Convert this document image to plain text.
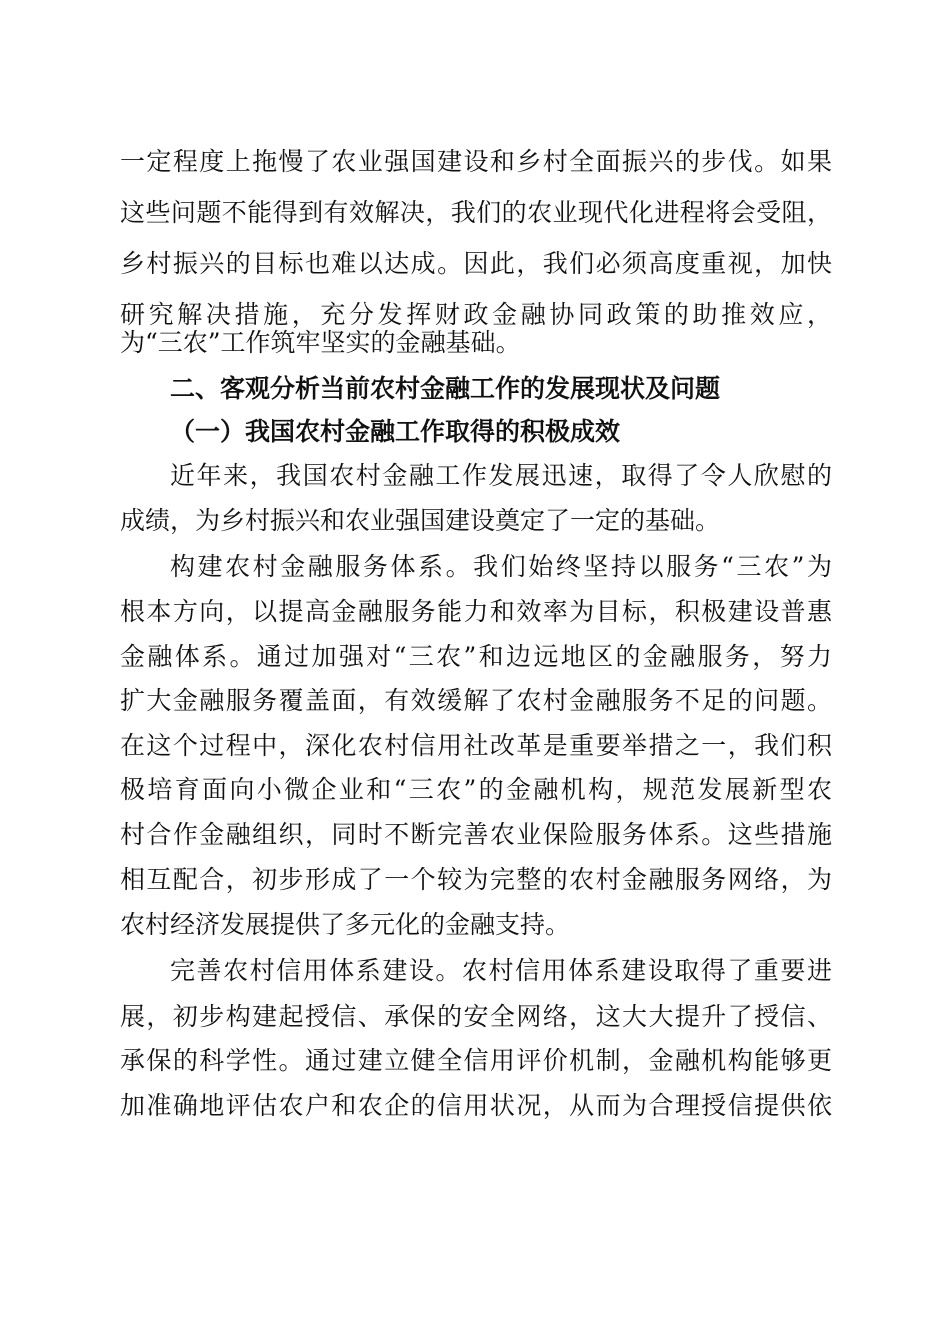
一定程度上拖慢了农业强国建设和乡村全面振兴的步伐。如果
这些问题不能得到有效解决，我们的农业现代化进程将会受阻，
乡村振兴的目标也难以达成。因此，我们必须高度重视，加快
研究解决措施，充分发挥财政金融协同政策的助推效应，
为“三农”工作筑牢坚实的金融基础。
二、客观分析当前农村金融工作的发展现状及问题
（一）我国农村金融工作取得的积极成效
近年来，我国农村金融工作发展迅速，取得了令人欣慰的
成绩，为乡村振兴和农业强国建设奠定了一定的基础。
构建农村金融服务体系。我们始终坚持以服务“三农”为
根本方向，以提高金融服务能力和效率为目标，积极建设普惠
金融体系。通过加强对“三农”和边远地区的金融服务，努力
扩大金融服务覆盖面，有效缓解了农村金融服务不足的问题。
在这个过程中，深化农村信用社改革是重要举措之一，我们积
极培育面向小微企业和“三农”的金融机构，规范发展新型农
村合作金融组织，同时不断完善农业保险服务体系。这些措施
相互配合，初步形成了一个较为完整的农村金融服务网络，为
农村经济发展提供了多元化的金融支持。
完善农村信用体系建设。农村信用体系建设取得了重要进
展，初步构建起授信、承保的安全网络，这大大提升了授信、
承保的科学性。通过建立健全信用评价机制，金融机构能够更
加准确地评估农户和农企的信用状况，从而为合理授信提供依
